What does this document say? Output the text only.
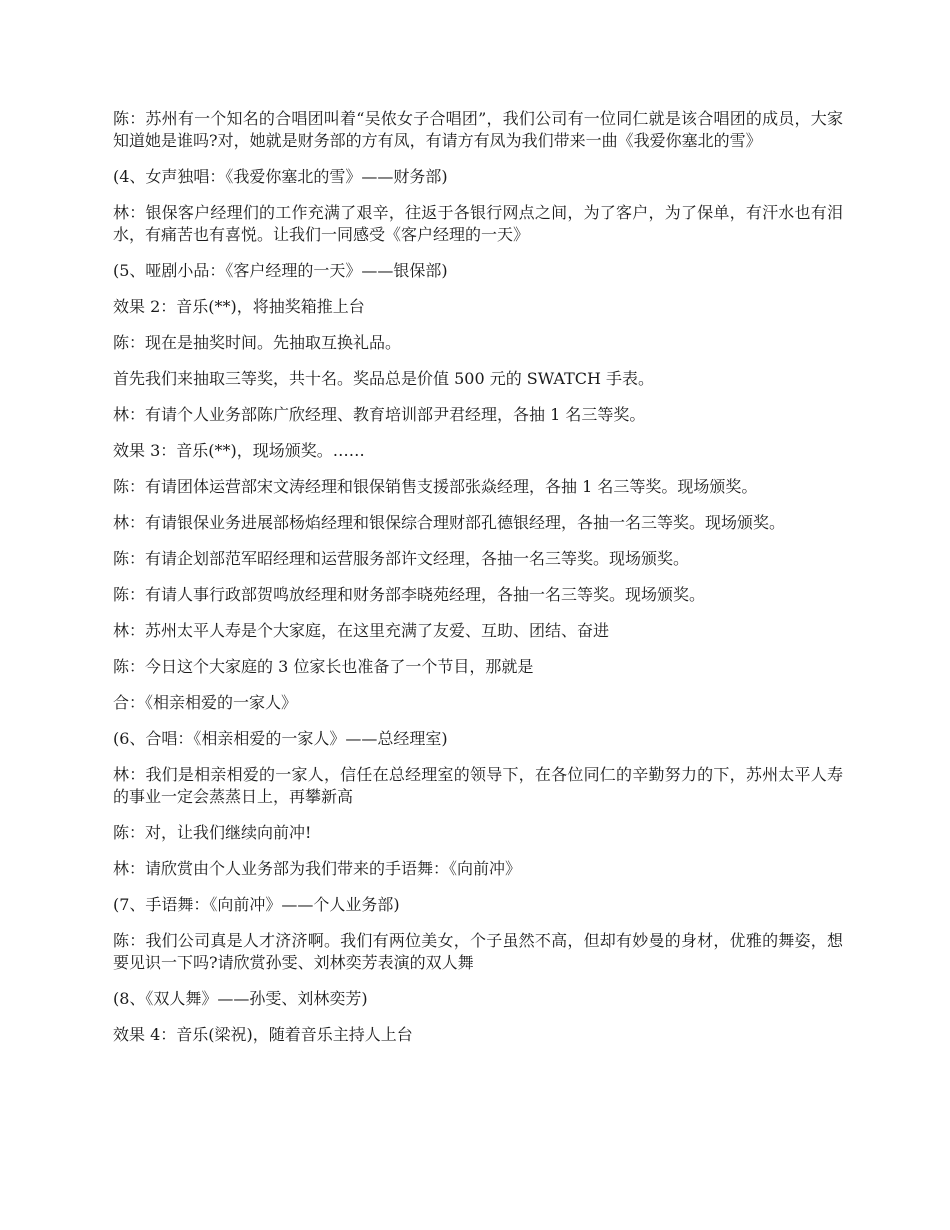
陈：苏州有一个知名的合唱团叫着“吴侬女子合唱团”，我们公司有一位同仁就是该合唱团的成员，大家知道她是谁吗?对，她就是财务部的方有凤，有请方有凤为我们带来一曲《我爱你塞北的雪》

(4、女声独唱：《我爱你塞北的雪》——财务部)

林：银保客户经理们的工作充满了艰辛，往返于各银行网点之间，为了客户，为了保单，有汗水也有泪水，有痛苦也有喜悦。让我们一同感受《客户经理的一天》

(5、哑剧小品：《客户经理的一天》——银保部)

效果 2：音乐(**)，将抽奖箱推上台

陈：现在是抽奖时间。先抽取互换礼品。

首先我们来抽取三等奖，共十名。奖品总是价值 500 元的 SWATCH 手表。

林：有请个人业务部陈广欣经理、教育培训部尹君经理，各抽 1 名三等奖。

效果 3：音乐(**)，现场颁奖。……

陈：有请团体运营部宋文涛经理和银保销售支援部张焱经理，各抽 1 名三等奖。现场颁奖。

林：有请银保业务进展部杨焰经理和银保综合理财部孔德银经理，各抽一名三等奖。现场颁奖。

陈：有请企划部范军昭经理和运营服务部许文经理，各抽一名三等奖。现场颁奖。

陈：有请人事行政部贺鸣放经理和财务部李晓苑经理，各抽一名三等奖。现场颁奖。

林：苏州太平人寿是个大家庭，在这里充满了友爱、互助、团结、奋进

陈：今日这个大家庭的 3 位家长也准备了一个节目，那就是

合：《相亲相爱的一家人》

(6、合唱：《相亲相爱的一家人》——总经理室)

林：我们是相亲相爱的一家人，信任在总经理室的领导下，在各位同仁的辛勤努力的下，苏州太平人寿的事业一定会蒸蒸日上，再攀新高

陈：对，让我们继续向前冲!

林：请欣赏由个人业务部为我们带来的手语舞：《向前冲》

(7、手语舞：《向前冲》——个人业务部)

陈：我们公司真是人才济济啊。我们有两位美女，个子虽然不高，但却有妙曼的身材，优雅的舞姿，想要见识一下吗?请欣赏孙雯、刘林奕芳表演的双人舞

(8、《双人舞》——孙雯、刘林奕芳)

效果 4：音乐(梁祝)，随着音乐主持人上台
